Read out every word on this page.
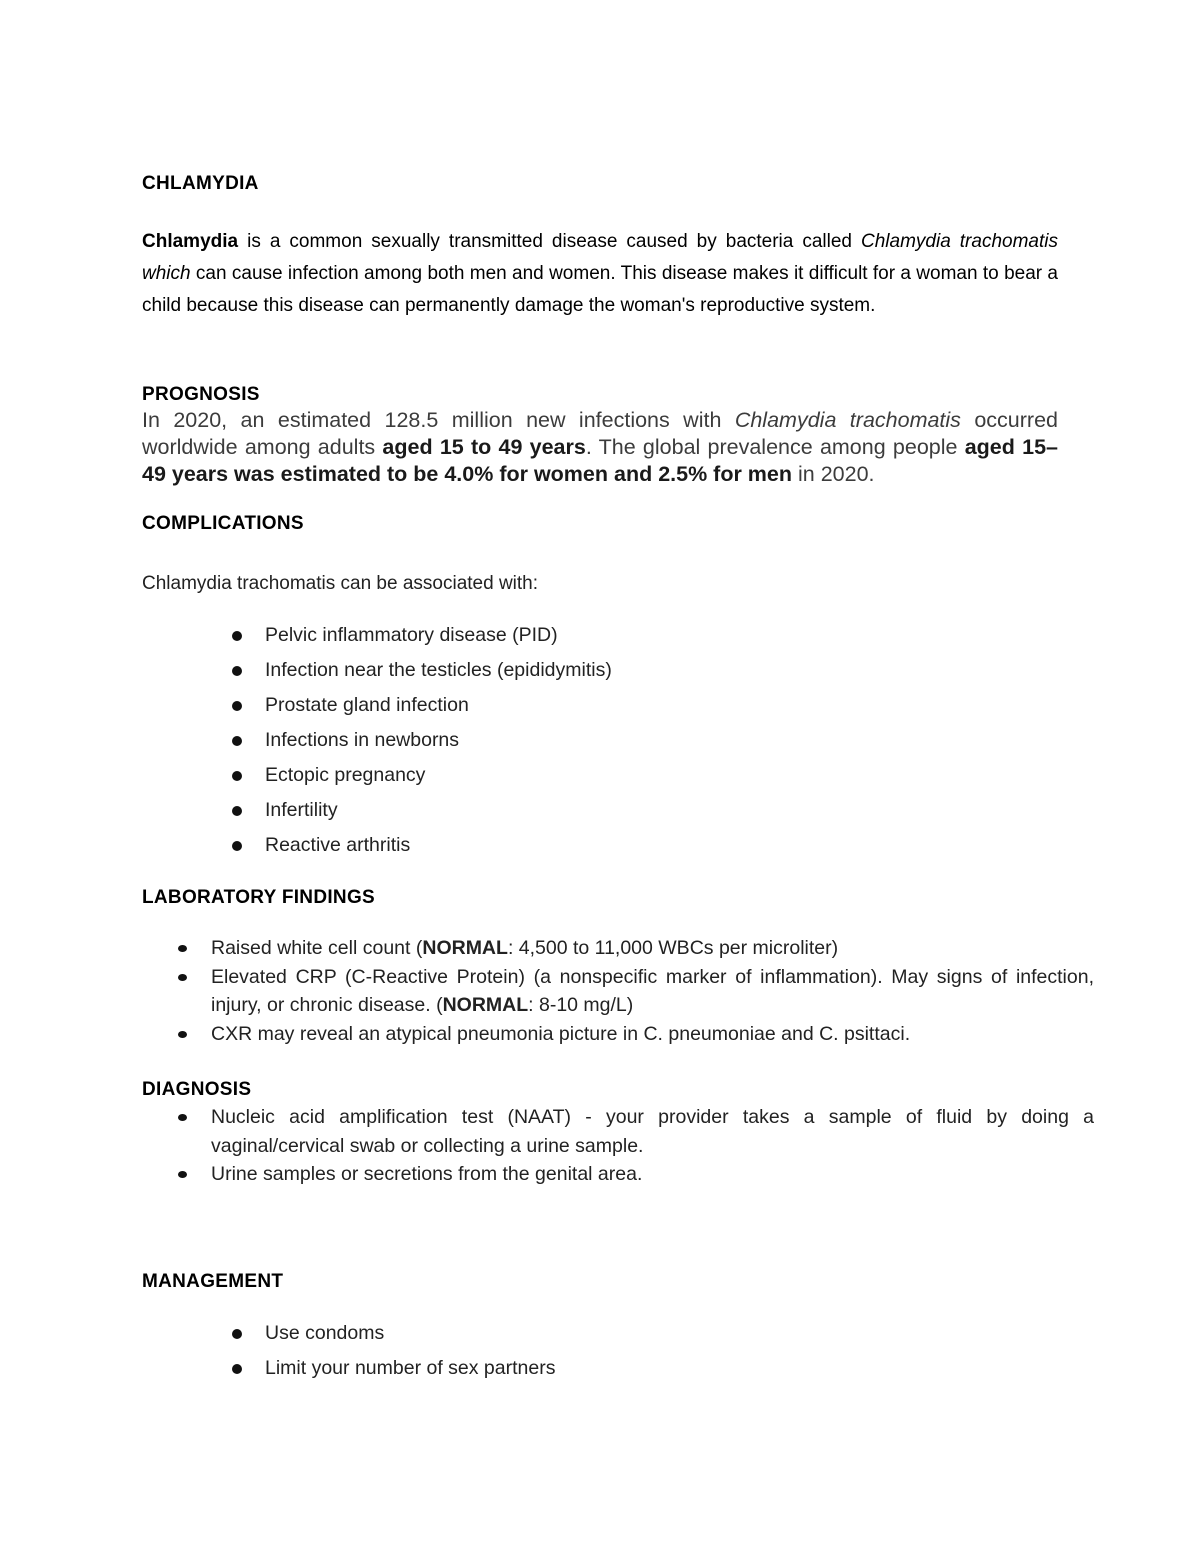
CHLAMYDIA

Chlamydia is a common sexually transmitted disease caused by bacteria called Chlamydia trachomatis which can cause infection among both men and women. This disease makes it difficult for a woman to bear a child because this disease can permanently damage the woman's reproductive system.

PROGNOSIS

In 2020, an estimated 128.5 million new infections with Chlamydia trachomatis occurred worldwide among adults aged 15 to 49 years. The global prevalence among people aged 15–49 years was estimated to be 4.0% for women and 2.5% for men in 2020.

COMPLICATIONS

Chlamydia trachomatis can be associated with:

Pelvic inflammatory disease (PID)
Infection near the testicles (epididymitis)
Prostate gland infection
Infections in newborns
Ectopic pregnancy
Infertility
Reactive arthritis
LABORATORY FINDINGS
Raised white cell count (NORMAL: 4,500 to 11,000 WBCs per microliter)
Elevated CRP (C-Reactive Protein) (a nonspecific marker of inflammation). May signs of infection, injury, or chronic disease. (NORMAL: 8-10 mg/L)
CXR may reveal an atypical pneumonia picture in C. pneumoniae and C. psittaci.
DIAGNOSIS
Nucleic acid amplification test (NAAT) - your provider takes a sample of fluid by doing a vaginal/cervical swab or collecting a urine sample.
Urine samples or secretions from the genital area.
MANAGEMENT
Use condoms
Limit your number of sex partners
